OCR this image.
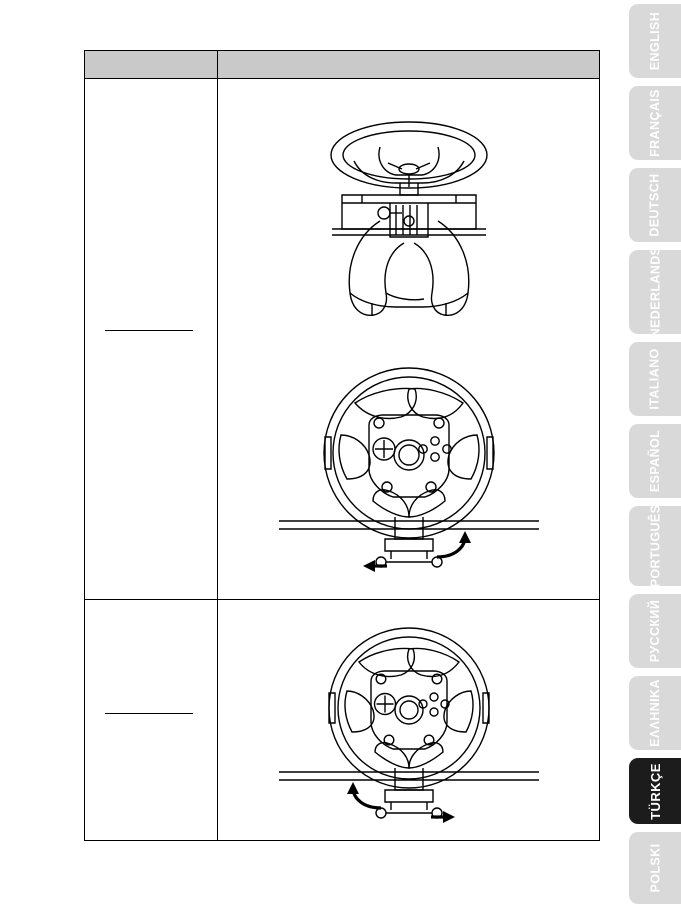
ENGLISH
FRANÇAIS
DEUTSCH
NEDERLANDS
ITALIANO
ESPAÑOL
PORTUGUÊS
РУССКИЙ
ΕΛΛΗΝΙΚΑ
TÜRKÇE
POLSKI
